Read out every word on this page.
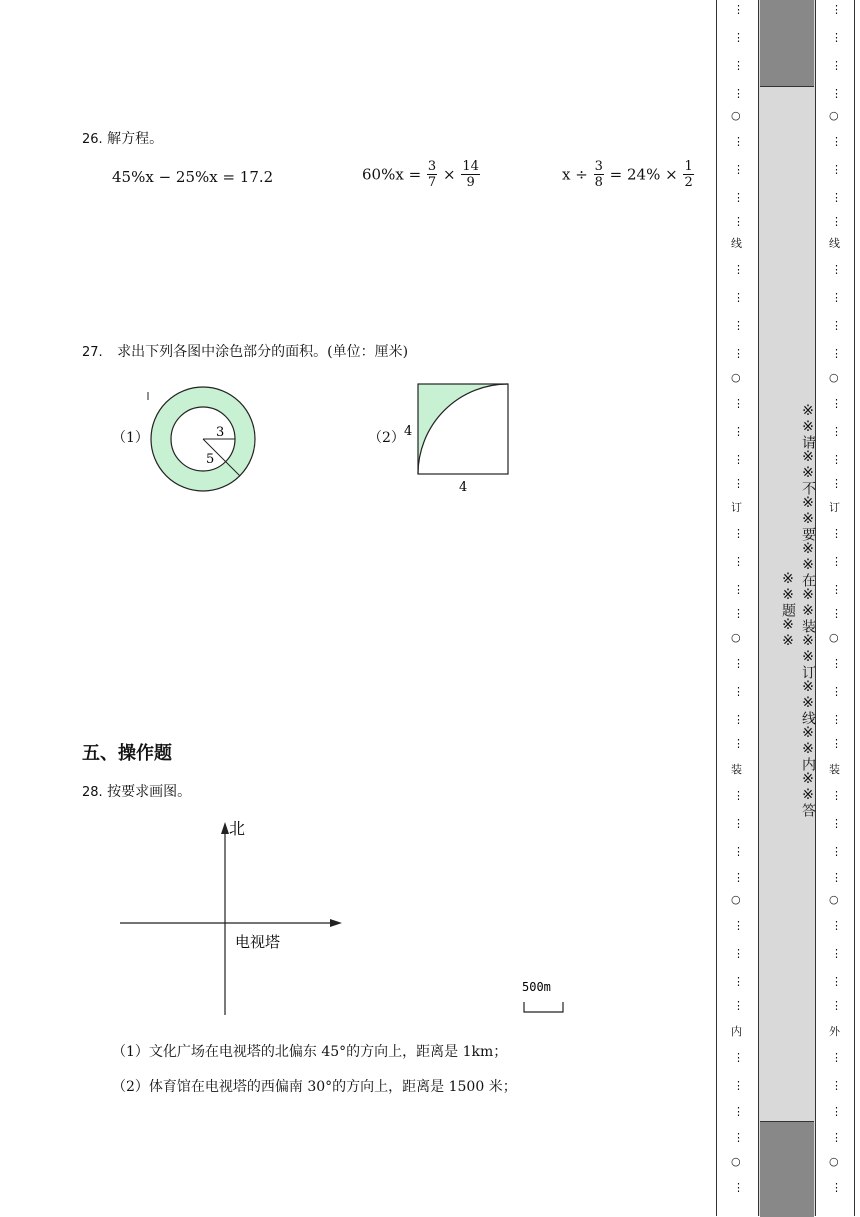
26. 解方程。
45%x − 25%x = 17.2	$60\%x = \frac{3}{7} \times \frac{14}{9}$	$x \div \frac{3}{8} = 24\% \times \frac{1}{2}$
27. 求出下列各图中涂色部分的面积。(单位：厘米)
（1）	3
5
（2） 4
4
五、操作题
28. 按要求画图。
北
电视塔
500m
（1）文化广场在电视塔的北偏东 45°的方向上，距离是 1km；
（2）体育馆在电视塔的西偏南 30°的方向上，距离是 1500 米；
※※请※※不※※要※※在※※装※※订※※线※※内※※答※※题※※
⋮
⋮
⋮
⋮
○
⋮
⋮
⋮
⋮
线
⋮
⋮
⋮
⋮
○
⋮
⋮
⋮
⋮
订
⋮
⋮
⋮
⋮
○
⋮
⋮
⋮
⋮
装
⋮
⋮
⋮
⋮
○
⋮
⋮
⋮
⋮
内
⋮
⋮
⋮
⋮
○
⋮
⋮
⋮
⋮
⋮
○
⋮
⋮
⋮
⋮
线
⋮
⋮
⋮
⋮
○
⋮
⋮
⋮
⋮
订
⋮
⋮
⋮
⋮
○
⋮
⋮
⋮
⋮
装
⋮
⋮
⋮
⋮
○
⋮
⋮
⋮
⋮
外
⋮
⋮
⋮
⋮
○
⋮
